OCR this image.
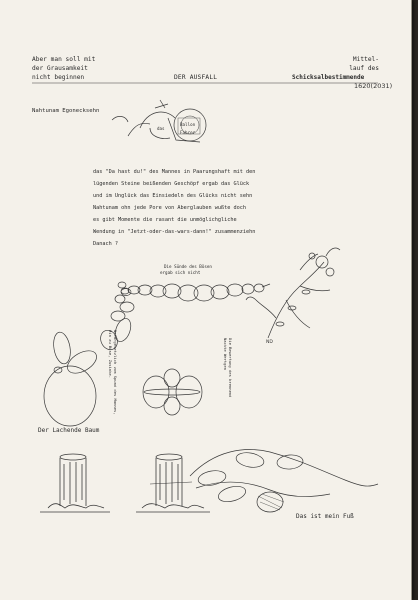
Aber man soll mit
der Grausamkeit
nicht beginnen	DER AUSFALL
Mittel-
lauf des
Schicksalbestimmende
1620(2031)
Nahtunam Egonecksehn
das
Ballon
Fahrer
das "Da hast du!" des Mannes in Paarungshaft mit den
lügenden Steine beißenden Geschöpf ergab das Glück
und im Unglück das Einsiedeln des Glücks nicht sehn
Nahtunam ohn jede Pore von Aberglauben wußte doch
es gibt Momente die rasant die unmöglichgliche
Wendung in "Jetzt-oder-das-wars-dann!" zusammenziehn
Danach ?
Die Sünde des Bösen
ergab sich nicht
Naturgesetzlich vom Spund des Mannes, Hin zu Böse, Zusinke.	Die Bewertung des brennend Nackte Wertgen	ND
Der Lachende Baum
Das ist mein Fuß
